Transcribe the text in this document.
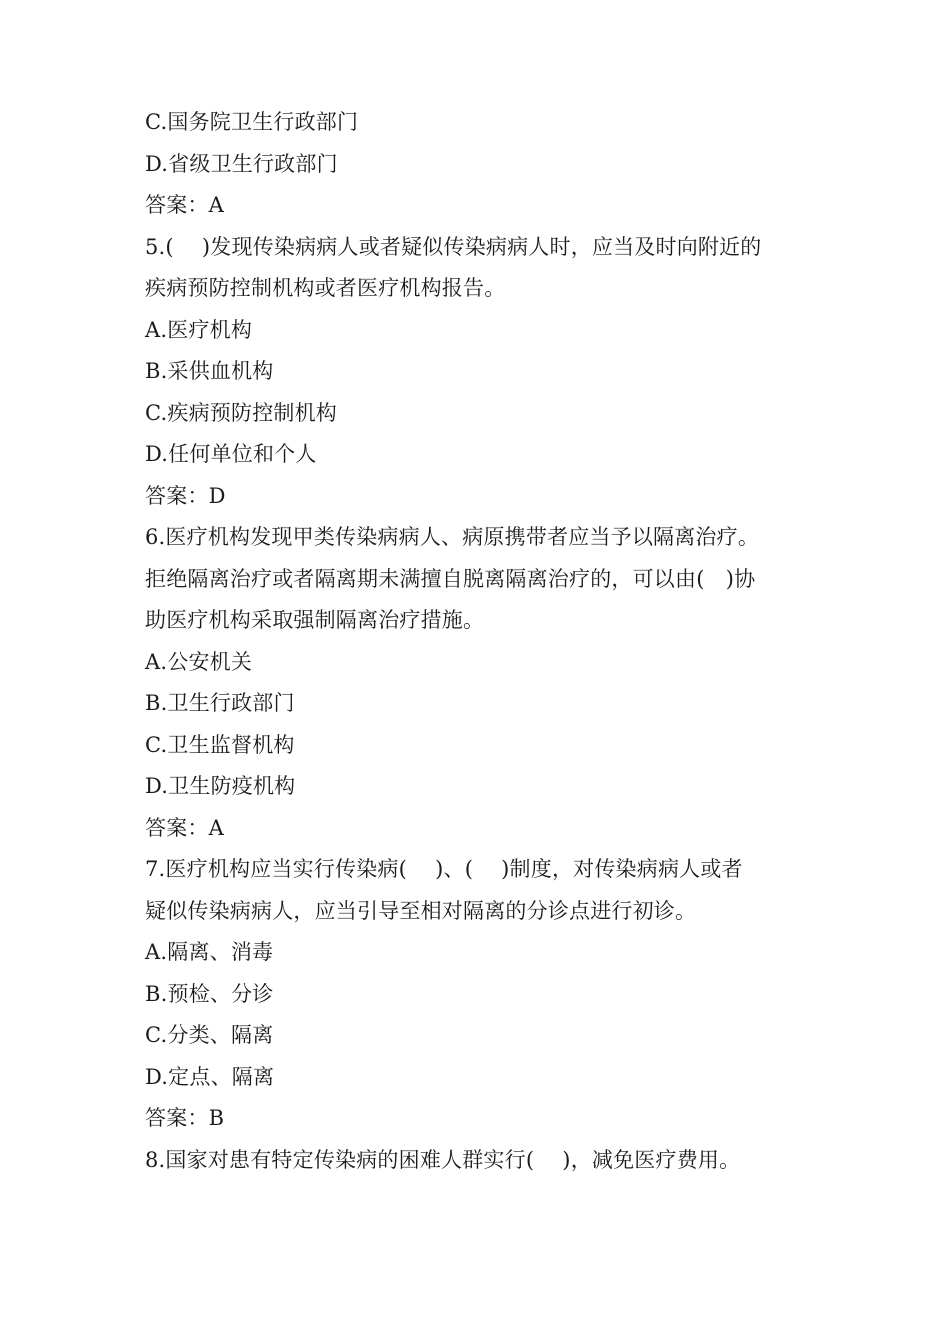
C.国务院卫生行政部门
D.省级卫生行政部门
答案：A
5.(　 )发现传染病病人或者疑似传染病病人时，应当及时向附近的
疾病预防控制机构或者医疗机构报告。
A.医疗机构
B.采供血机构
C.疾病预防控制机构
D.任何单位和个人
答案：D
6.医疗机构发现甲类传染病病人、病原携带者应当予以隔离治疗。
拒绝隔离治疗或者隔离期未满擅自脱离隔离治疗的，可以由(　)协
助医疗机构采取强制隔离治疗措施。
A.公安机关
B.卫生行政部门
C.卫生监督机构
D.卫生防疫机构
答案：A
7.医疗机构应当实行传染病(　 )、(　 )制度，对传染病病人或者
疑似传染病病人，应当引导至相对隔离的分诊点进行初诊。
A.隔离、消毒
B.预检、分诊
C.分类、隔离
D.定点、隔离
答案：B
8.国家对患有特定传染病的困难人群实行(　 )，减免医疗费用。
